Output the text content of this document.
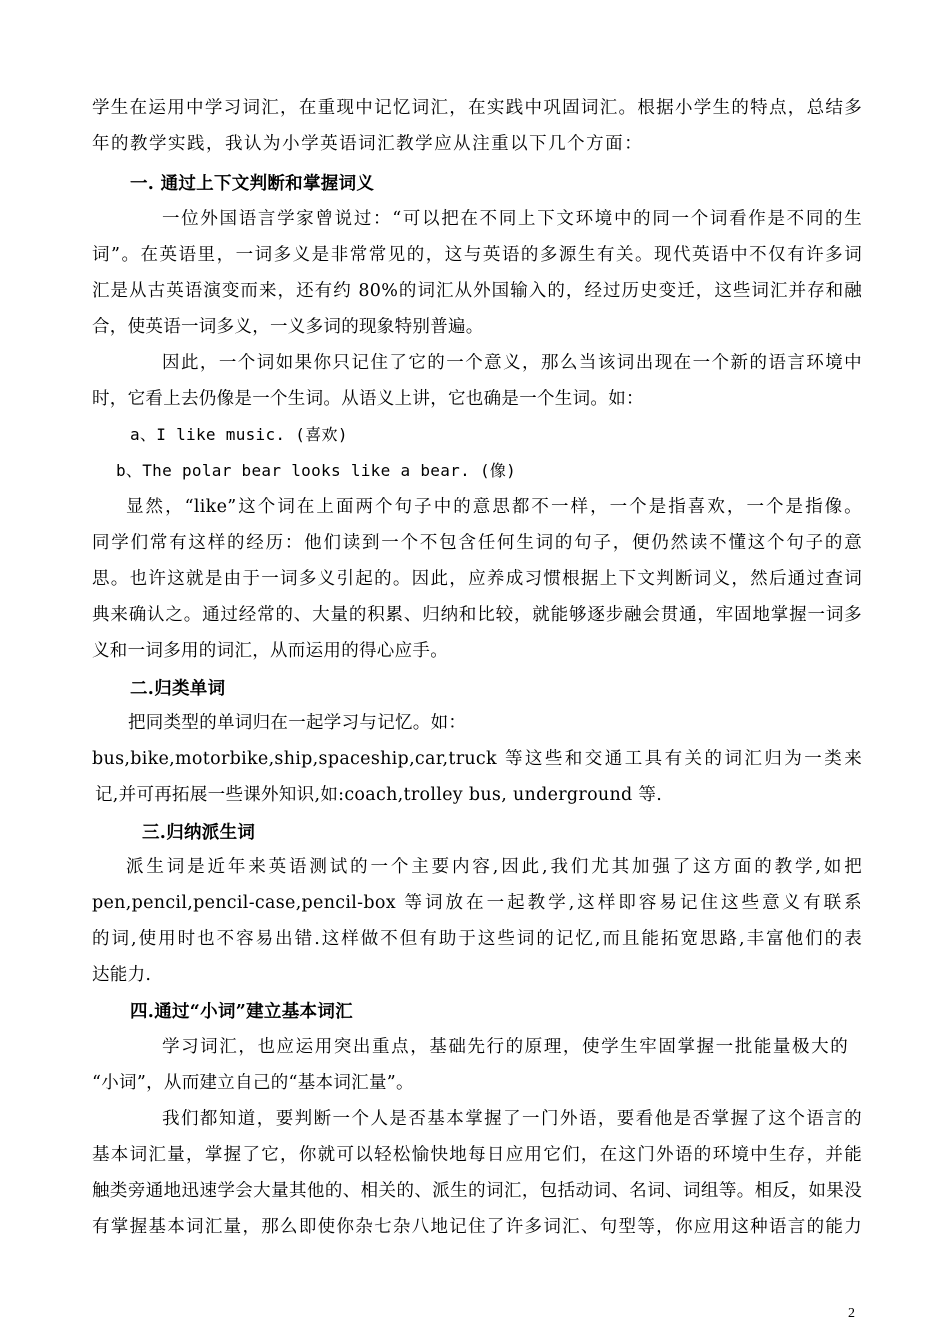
学生在运用中学习词汇，在重现中记忆词汇，在实践中巩固词汇。根据小学生的特点，总结多
年的教学实践，我认为小学英语词汇教学应从注重以下几个方面：
一. 通过上下文判断和掌握词义
一位外国语言学家曾说过：“可以把在不同上下文环境中的同一个词看作是不同的生
词”。在英语里，一词多义是非常常见的，这与英语的多源生有关。现代英语中不仅有许多词
汇是从古英语演变而来，还有约 80%的词汇从外国输入的，经过历史变迁，这些词汇并存和融
合，使英语一词多义，一义多词的现象特别普遍。
因此，一个词如果你只记住了它的一个意义，那么当该词出现在一个新的语言环境中
时，它看上去仍像是一个生词。从语义上讲，它也确是一个生词。如：
a、I like music. (喜欢)
b、The polar bear looks like a bear. (像)
显然，“like”这个词在上面两个句子中的意思都不一样，一个是指喜欢，一个是指像。
同学们常有这样的经历：他们读到一个不包含任何生词的句子，便仍然读不懂这个句子的意
思。也许这就是由于一词多义引起的。因此，应养成习惯根据上下文判断词义，然后通过查词
典来确认之。通过经常的、大量的积累、归纳和比较，就能够逐步融会贯通，牢固地掌握一词多
义和一词多用的词汇，从而运用的得心应手。
二.归类单词
把同类型的单词归在一起学习与记忆。如：
bus,bike,motorbike,ship,spaceship,car,truck 等这些和交通工具有关的词汇归为一类来
记,并可再拓展一些课外知识,如:coach,trolley bus, underground 等.
三.归纳派生词
派生词是近年来英语测试的一个主要内容,因此,我们尤其加强了这方面的教学,如把
pen,pencil,pencil-case,pencil-box 等词放在一起教学,这样即容易记住这些意义有联系
的词,使用时也不容易出错.这样做不但有助于这些词的记忆,而且能拓宽思路,丰富他们的表
达能力.
四.通过“小词”建立基本词汇
学习词汇，也应运用突出重点，基础先行的原理，使学生牢固掌握一批能量极大的
“小词”，从而建立自己的“基本词汇量”。
我们都知道，要判断一个人是否基本掌握了一门外语，要看他是否掌握了这个语言的
基本词汇量，掌握了它，你就可以轻松愉快地每日应用它们，在这门外语的环境中生存，并能
触类旁通地迅速学会大量其他的、相关的、派生的词汇，包括动词、名词、词组等。相反，如果没
有掌握基本词汇量，那么即使你杂七杂八地记住了许多词汇、句型等，你应用这种语言的能力
2
